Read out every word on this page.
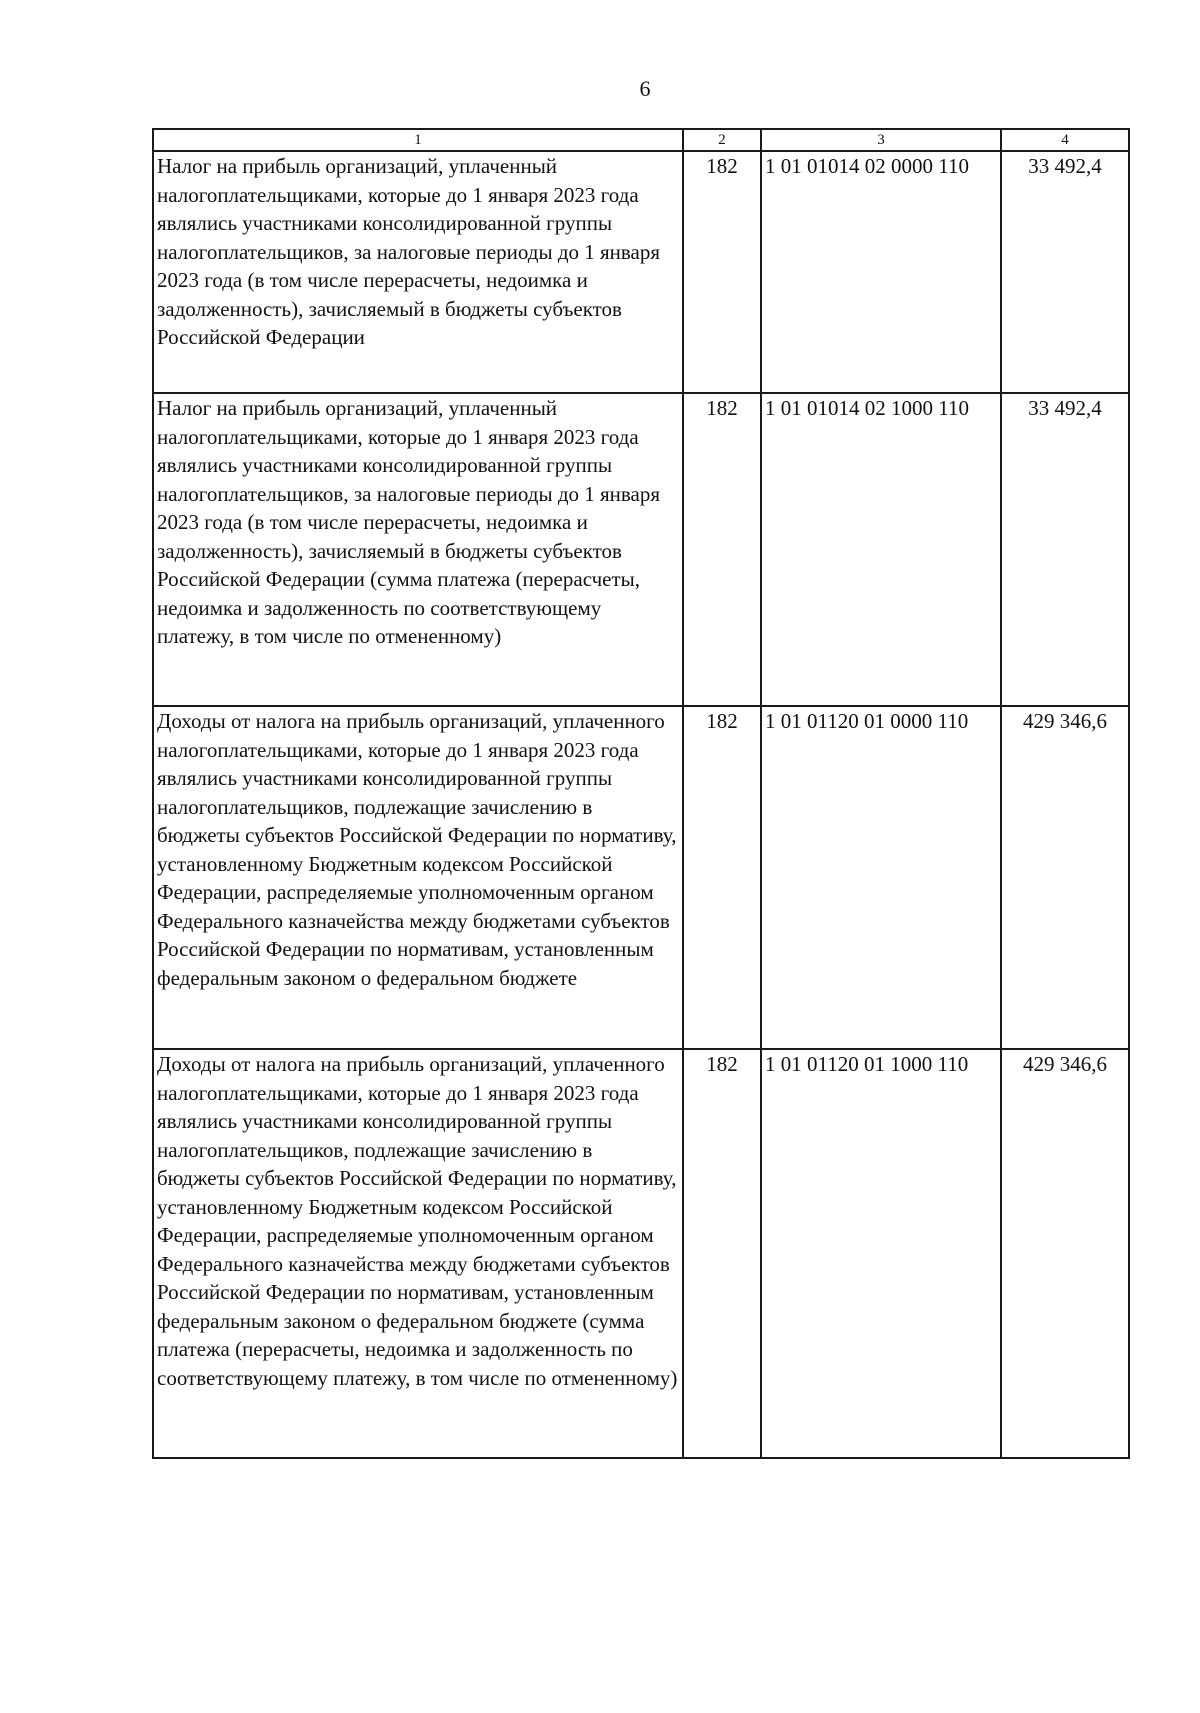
6
1	2	3	4
Налог на прибыль организаций, уплаченный налогоплательщиками, которые до 1 января 2023 года являлись участниками консолидированной группы налогоплательщиков, за налоговые периоды до 1 января 2023 года (в том числе перерасчеты, недоимка и задолженность), зачисляемый в бюджеты субъектов Российской Федерации	182	1 01 01014 02 0000 110	33 492,4
Налог на прибыль организаций, уплаченный налогоплательщиками, которые до 1 января 2023 года являлись участниками консолидированной группы налогоплательщиков, за налоговые периоды до 1 января 2023 года (в том числе перерасчеты, недоимка и задолженность), зачисляемый в бюджеты субъектов Российской Федерации (сумма платежа (перерасчеты, недоимка и задолженность по соответствующему платежу, в том числе по отмененному)	182	1 01 01014 02 1000 110	33 492,4
Доходы от налога на прибыль организаций, уплаченного налогоплательщиками, которые до 1 января 2023 года являлись участниками консолидированной группы налогоплательщиков, подлежащие зачислению в бюджеты субъектов Российской Федерации по нормативу, установленному Бюджетным кодексом Российской Федерации, распределяемые уполномоченным органом Федерального казначейства между бюджетами субъектов Российской Федерации по нормативам, установленным федеральным законом о федеральном бюджете	182	1 01 01120 01 0000 110	429 346,6
Доходы от налога на прибыль организаций, уплаченного налогоплательщиками, которые до 1 января 2023 года являлись участниками консолидированной группы налогоплательщиков, подлежащие зачислению в бюджеты субъектов Российской Федерации по нормативу, установленному Бюджетным кодексом Российской Федерации, распределяемые уполномоченным органом Федерального казначейства между бюджетами субъектов Российской Федерации по нормативам, установленным федеральным законом о федеральном бюджете (сумма платежа (перерасчеты, недоимка и задолженность по соответствующему платежу, в том числе по отмененному)	182	1 01 01120 01 1000 110	429 346,6
